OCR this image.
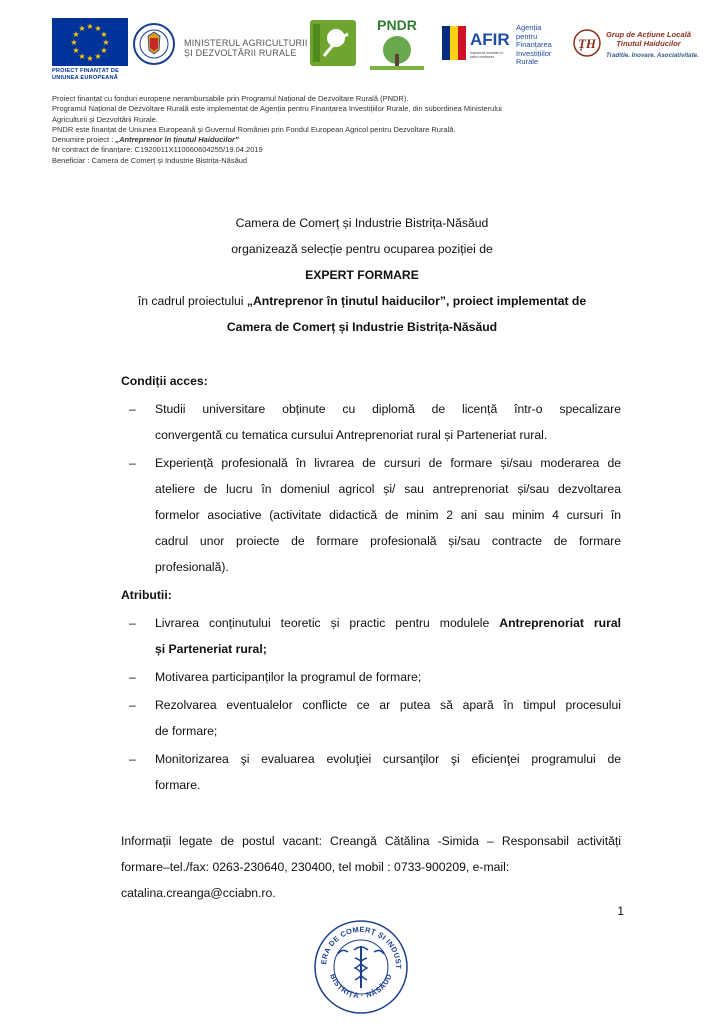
★ ★
★
★
★
★
★
★
★
★
★
★
PROIECT FINANȚAT DE UNIUNEA EUROPEANĂ
MINISTERUL AGRICULTURII
ȘI DEZVOLTĂRII RURALE
PNDR
AFIR
Împreună investim în satul românesc
Agenția
pentru Finanțarea
Investițiilor
Rurale
ȚH
Grup de Acțiune Locală
Ținutul Haiducilor
Tradiție. Inovare. Asociativitate.

Proiect finanțat cu fonduri europene nerambursabile prin Programul Național de Dezvoltare Rurală (PNDR).

Programul Național de Dezvoltare Rurală este implementat de Agenția pentru Finanțarea Investițiilor Rurale, din subordinea Ministerului

Agriculturii și Dezvoltării Rurale.

PNDR este finanțat de Uniunea Europeană și Guvernul României prin Fondul European Agricol pentru Dezvoltare Rurală.

Denumire proiect : „Antreprenor în ținutul Haiducilor”

Nr contract de finanțare: C1920011X110060604255/19.04.2019

Beneficiar : Camera de Comerț și Industrie Bistrița-Năsăud

Camera de Comerț și Industrie Bistrița-Năsăud
organizează selecție pentru ocuparea poziției de
EXPERT FORMARE
în cadrul proiectului „Antreprenor în ținutul haiducilor”, proiect implementat de
Camera de Comerț și Industrie Bistrița-Năsăud
Condiții acces:
– Studii universitare obținute cu diplomă de licență într-o specalizare
convergentă cu tematica cursului Antreprenoriat rural și Parteneriat rural.
– Experiență profesională în livrarea de cursuri de formare și/sau moderarea de
ateliere de lucru în domeniul agricol și/ sau antreprenoriat și/sau dezvoltarea
formelor asociative (activitate didactică de minim 2 ani sau minim 4 cursuri în
cadrul unor proiecte de formare profesională și/sau contracte de formare
profesională).
Atributii:
– Livrarea conținutului teoretic și practic pentru modulele Antreprenoriat rural
și Parteneriat rural;
– Motivarea participanților la programul de formare;
– Rezolvarea eventualelor conflicte ce ar putea să apară în timpul procesului
de formare;
– Monitorizarea şi evaluarea evoluţiei cursanţilor şi eficienţei programului de
formare.
Informații legate de postul vacant: Creangă Cătălina -Simida – Responsabil activități
formare–tel./fax: 0263-230640, 230400, tel mobil : 0733-900209, e-mail:
catalina.creanga@cciabn.ro.
1
ERA DE COMERȚ ȘI INDUST
BISTRIȚA · NĂSĂUD
